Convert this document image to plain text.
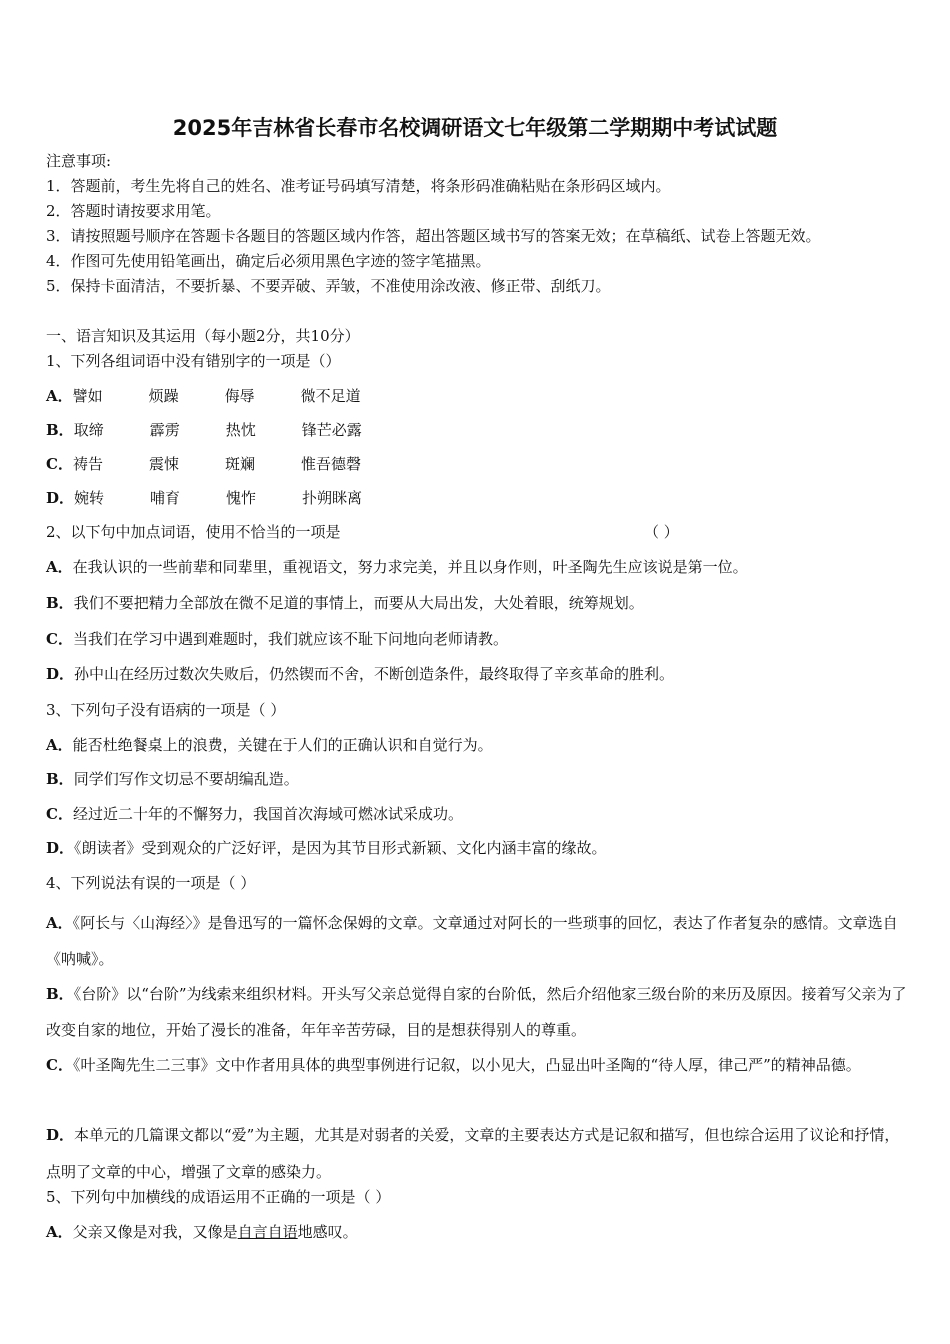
2025年吉林省长春市名校调研语文七年级第二学期期中考试试题
注意事项:
1．答题前，考生先将自己的姓名、准考证号码填写清楚，将条形码准确粘贴在条形码区域内。
2．答题时请按要求用笔。
3．请按照题号顺序在答题卡各题目的答题区域内作答，超出答题区域书写的答案无效；在草稿纸、试卷上答题无效。
4．作图可先使用铅笔画出，确定后必须用黑色字迹的签字笔描黑。
5．保持卡面清洁，不要折暴、不要弄破、弄皱，不准使用涂改液、修正带、刮纸刀。
一、语言知识及其运用（每小题2分，共10分）
1、下列各组词语中没有错别字的一项是（）
A．譬如	烦躁	侮辱	微不足道
B．取缔	霹雳	热忱	锋芒必露
C．祷告	震悚	斑斓	惟吾德磬
D．婉转	哺育	愧怍	扑朔眯离
2、以下句中加点词语，使用不恰当的一项是	（ ）
A．在我认识的一些前辈和同辈里，重视语文，努力求完美，并且以身作则，叶圣陶先生应该说是第一位。
B．我们不要把精力全部放在微不足道的事情上，而要从大局出发，大处着眼，统筹规划。
C．当我们在学习中遇到难题时，我们就应该不耻下问地向老师请教。
D．孙中山在经历过数次失败后，仍然锲而不舍，不断创造条件，最终取得了辛亥革命的胜利。
3、下列句子没有语病的一项是（ ）
A．能否杜绝餐桌上的浪费，关键在于人们的正确认识和自觉行为。
B．同学们写作文切忌不要胡编乱造。
C．经过近二十年的不懈努力，我国首次海域可燃冰试采成功。
D．《朗读者》受到观众的广泛好评，是因为其节目形式新颖、文化内涵丰富的缘故。
4、下列说法有误的一项是（ ）
A．《阿长与〈山海经〉》是鲁迅写的一篇怀念保姆的文章。文章通过对阿长的一些琐事的回忆，表达了作者复杂的感情。文章选自《呐喊》。
B．《台阶》以“台阶”为线索来组织材料。开头写父亲总觉得自家的台阶低，然后介绍他家三级台阶的来历及原因。接着写父亲为了改变自家的地位，开始了漫长的准备，年年辛苦劳碌，目的是想获得别人的尊重。
C．《叶圣陶先生二三事》文中作者用具体的典型事例进行记叙，以小见大，凸显出叶圣陶的“待人厚，律己严”的精神品德。
D．本单元的几篇课文都以“爱”为主题，尤其是对弱者的关爱，文章的主要表达方式是记叙和描写，但也综合运用了议论和抒情，点明了文章的中心，增强了文章的感染力。
5、下列句中加横线的成语运用不正确的一项是（ ）
A．父亲又像是对我，又像是自言自语地感叹。
